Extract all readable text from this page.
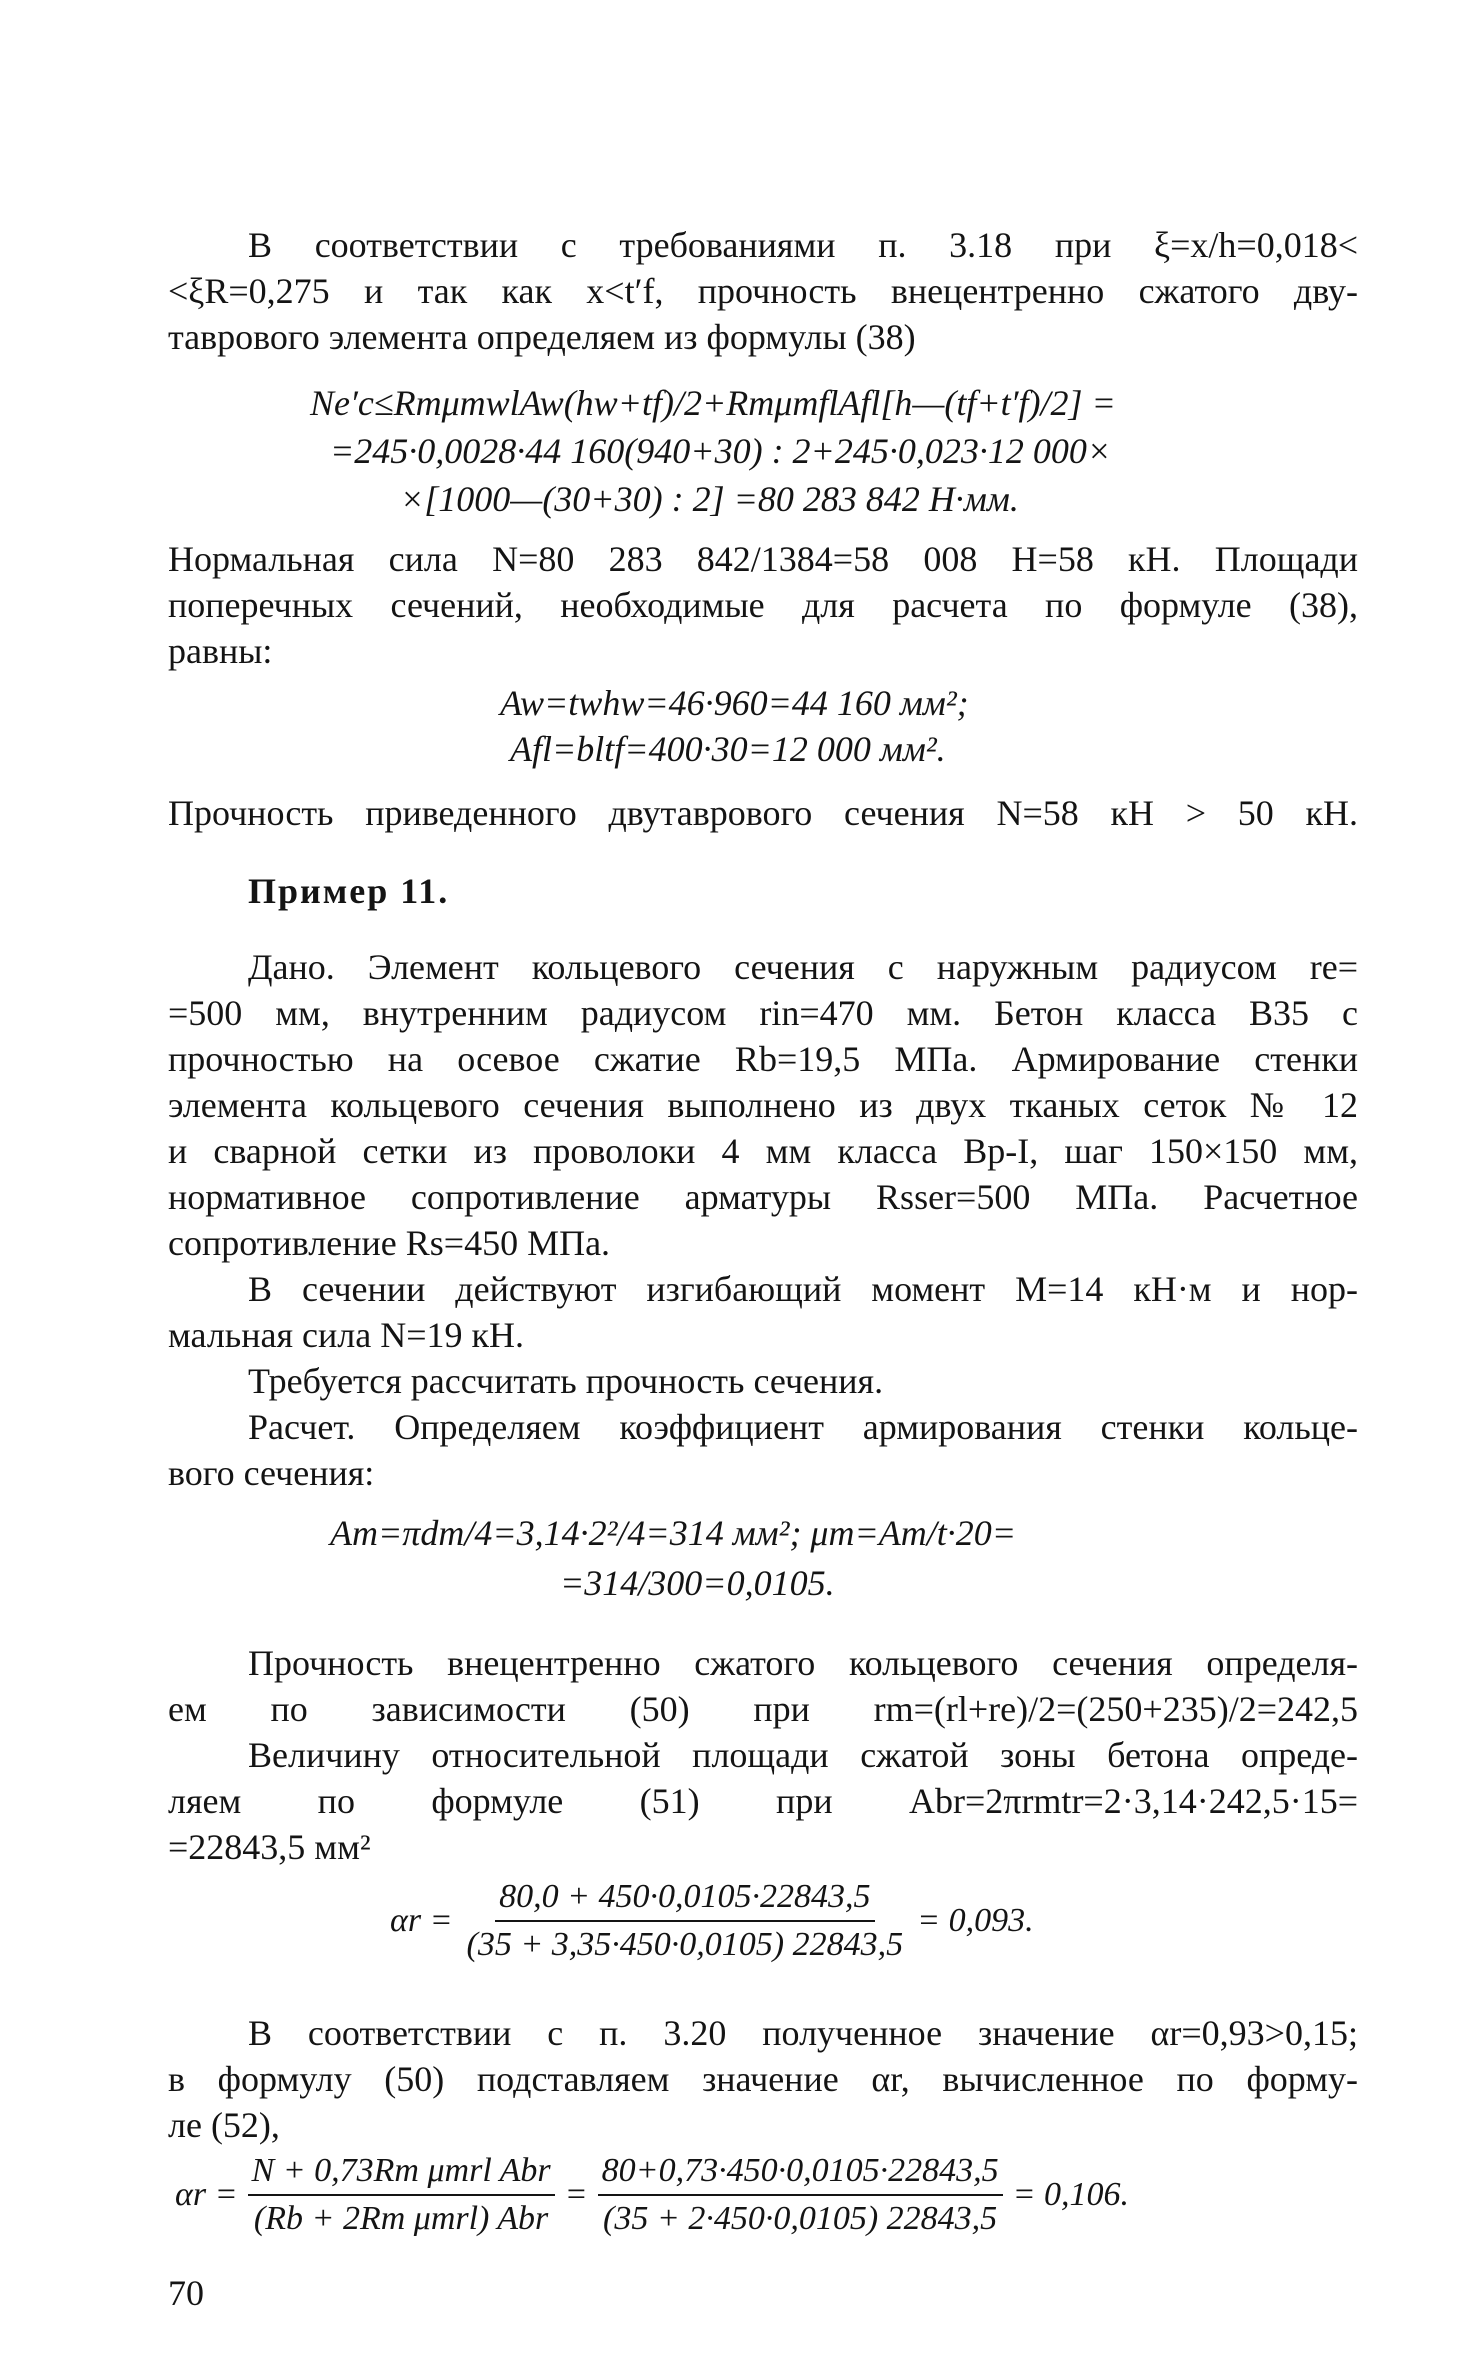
В соответствии с требованиями п. 3.18 при ξ=x/h=0,018<
<ξR=0,275 и так как x<t′f, прочность внецентренно сжатого дву-
таврового элемента определяем из формулы (38)
Ne′c≤RmμmwlAw(hw+tf)/2+RmμmflAfl[h—(tf+t′f)/2] =
=245·0,0028·44 160(940+30) : 2+245·0,023·12 000×
×[1000—(30+30) : 2] =80 283 842 Н·мм.
Нормальная сила N=80 283 842/1384=58 008 Н=58 кН. Площади
поперечных сечений, необходимые для расчета по формуле (38),
равны:
Aw=twhw=46·960=44 160 мм²;
Afl=bltf=400·30=12 000 мм².
Прочность приведенного двутаврового сечения N=58 кН > 50 кН.
Пример 11.
Дано. Элемент кольцевого сечения с наружным радиусом re=
=500 мм, внутренним радиусом rin=470 мм. Бетон класса В35 с
прочностью на осевое сжатие Rb=19,5 МПа. Армирование стенки
элемента кольцевого сечения выполнено из двух тканых сеток № 12
и сварной сетки из проволоки 4 мм класса Вр-I, шаг 150×150 мм,
нормативное сопротивление арматуры Rsser=500 МПа. Расчетное
сопротивление Rs=450 МПа.
В сечении действуют изгибающий момент M=14 кН·м и нор-
мальная сила N=19 кН.
Требуется рассчитать прочность сечения.
Расчет. Определяем коэффициент армирования стенки кольце-
вого сечения:
Am=πdm/4=3,14·2²/4=314 мм²; μm=Am/t·20=
=314/300=0,0105.
Прочность внецентренно сжатого кольцевого сечения определя-
ем по зависимости (50) при rm=(rl+re)/2=(250+235)/2=242,5
Величину относительной площади сжатой зоны бетона опреде-
ляем по формуле (51) при Abr=2πrmtr=2·3,14·242,5·15=
=22843,5 мм²
$\alpha r = \frac{80,0 + 450\cdot 0,0105\cdot 22843,5}{(35 + 3,35\cdot 450\cdot 0,0105) 22843,5} = 0,093$.
В соответствии с п. 3.20 полученное значение αr=0,93>0,15;
в формулу (50) подставляем значение αr, вычисленное по форму-
ле (52),
$\alpha r = \frac{\text{N + 0,73Rm μmrl Abr}}{\text{(Rb + 2Rm μmrl) Abr}} = \frac{80+0,73\cdot 450\cdot 0,0105\cdot 22843,5}{(35 + 2\cdot 450\cdot 0,0105) 22843,5} = 0,106$.
70
